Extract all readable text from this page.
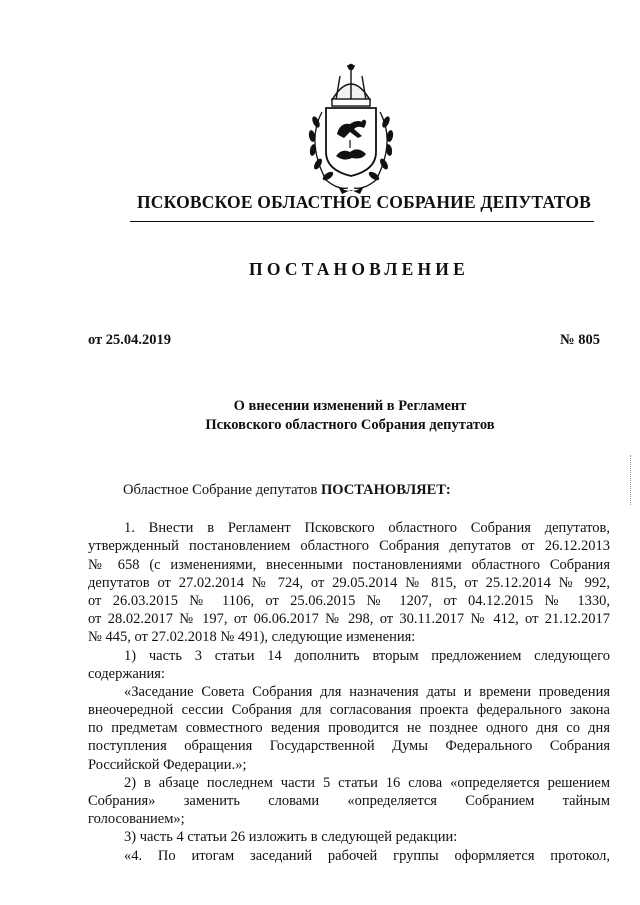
ПСКОВСКОЕ ОБЛАСТНОЕ СОБРАНИЕ ДЕПУТАТОВ
ПОСТАНОВЛЕНИЕ
от 25.04.2019	№ 805
О внесении изменений в Регламент
Псковского областного Собрания депутатов
Областное Собрание депутатов ПОСТАНОВЛЯЕТ:
1. Внести в Регламент Псковского областного Собрания депутатов,
утвержденный постановлением областного Собрания депутатов от 26.12.2013
№ 658 (с изменениями, внесенными постановлениями областного Собрания
депутатов от 27.02.2014 № 724, от 29.05.2014 № 815, от 25.12.2014 № 992,
от 26.03.2015 № 1106, от 25.06.2015 № 1207, от 04.12.2015 № 1330,
от 28.02.2017 № 197, от 06.06.2017 № 298, от 30.11.2017 № 412, от 21.12.2017
№ 445, от 27.02.2018 № 491), следующие изменения:
1) часть 3 статьи 14 дополнить вторым предложением следующего
содержания:
«Заседание Совета Собрания для назначения даты и времени проведения
внеочередной сессии Собрания для согласования проекта федерального закона
по предметам совместного ведения проводится не позднее одного дня со дня
поступления обращения Государственной Думы Федерального Собрания
Российской Федерации.»;
2) в абзаце последнем части 5 статьи 16 слова «определяется решением
Собрания» заменить словами «определяется Собранием тайным
голосованием»;
3) часть 4 статьи 26 изложить в следующей редакции:
«4. По итогам заседаний рабочей группы оформляется протокол,
